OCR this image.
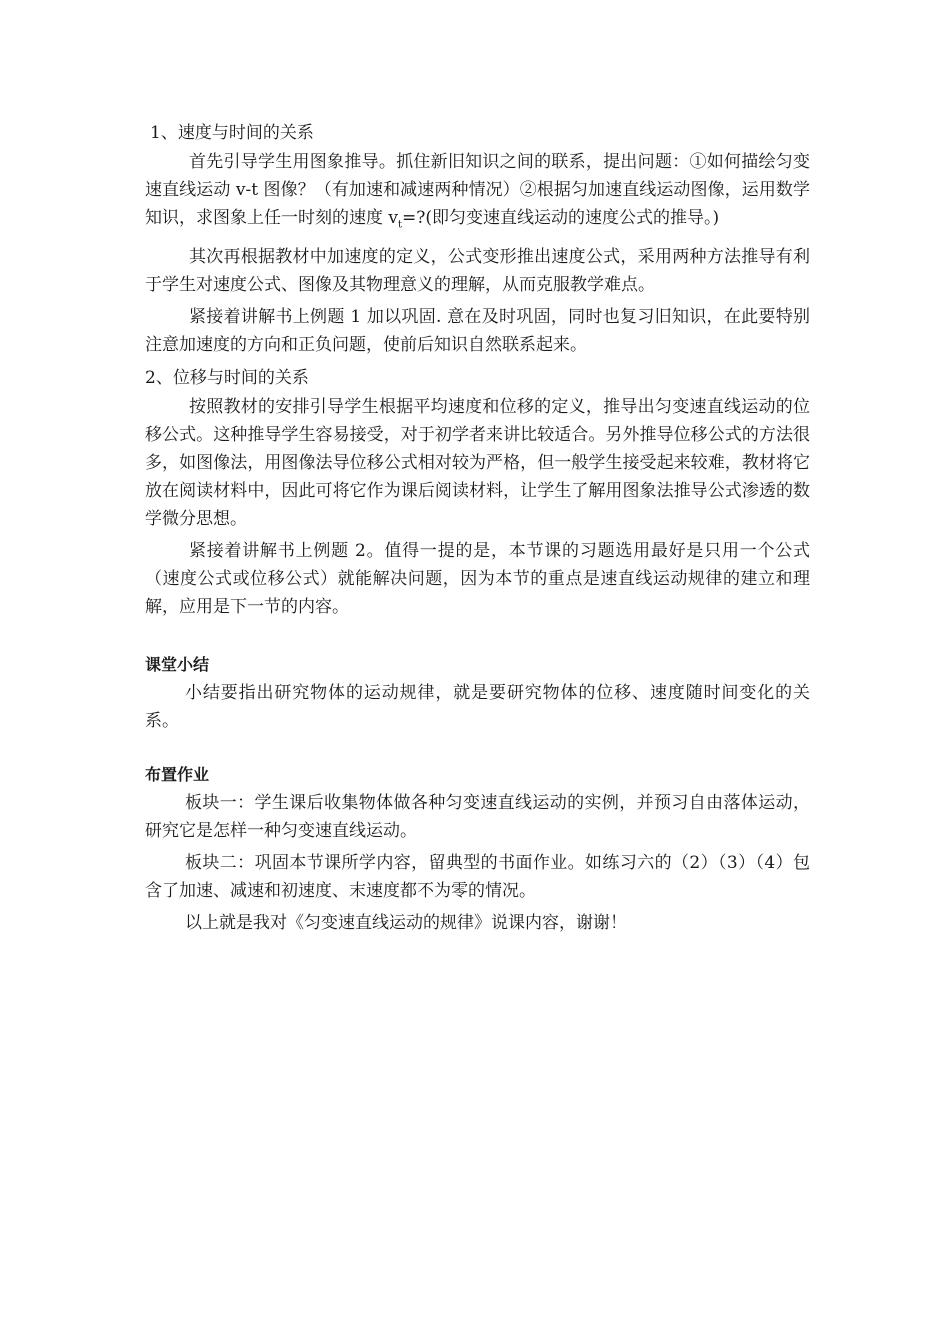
1、速度与时间的关系

首先引导学生用图象推导。抓住新旧知识之间的联系，提出问题：①如何描绘匀变速直线运动 v-t 图像？（有加速和减速两种情况）②根据匀加速直线运动图像，运用数学知识，求图象上任一时刻的速度 $v_t=$?(即匀变速直线运动的速度公式的推导。)

其次再根据教材中加速度的定义，公式变形推出速度公式，采用两种方法推导有利于学生对速度公式、图像及其物理意义的理解，从而克服教学难点。

紧接着讲解书上例题 1 加以巩固. 意在及时巩固，同时也复习旧知识，在此要特别注意加速度的方向和正负问题，使前后知识自然联系起来。

2、位移与时间的关系

按照教材的安排引导学生根据平均速度和位移的定义，推导出匀变速直线运动的位移公式。这种推导学生容易接受，对于初学者来讲比较适合。另外推导位移公式的方法很多，如图像法，用图像法导位移公式相对较为严格，但一般学生接受起来较难，教材将它放在阅读材料中，因此可将它作为课后阅读材料，让学生了解用图象法推导公式渗透的数学微分思想。

紧接着讲解书上例题 2。值得一提的是，本节课的习题选用最好是只用一个公式（速度公式或位移公式）就能解决问题，因为本节的重点是速直线运动规律的建立和理解，应用是下一节的内容。

课堂小结

小结要指出研究物体的运动规律，就是要研究物体的位移、速度随时间变化的关系。

布置作业

板块一：学生课后收集物体做各种匀变速直线运动的实例，并预习自由落体运动，研究它是怎样一种匀变速直线运动。

板块二：巩固本节课所学内容，留典型的书面作业。如练习六的（2）（3）（4）包含了加速、减速和初速度、末速度都不为零的情况。

以上就是我对《匀变速直线运动的规律》说课内容，谢谢！
